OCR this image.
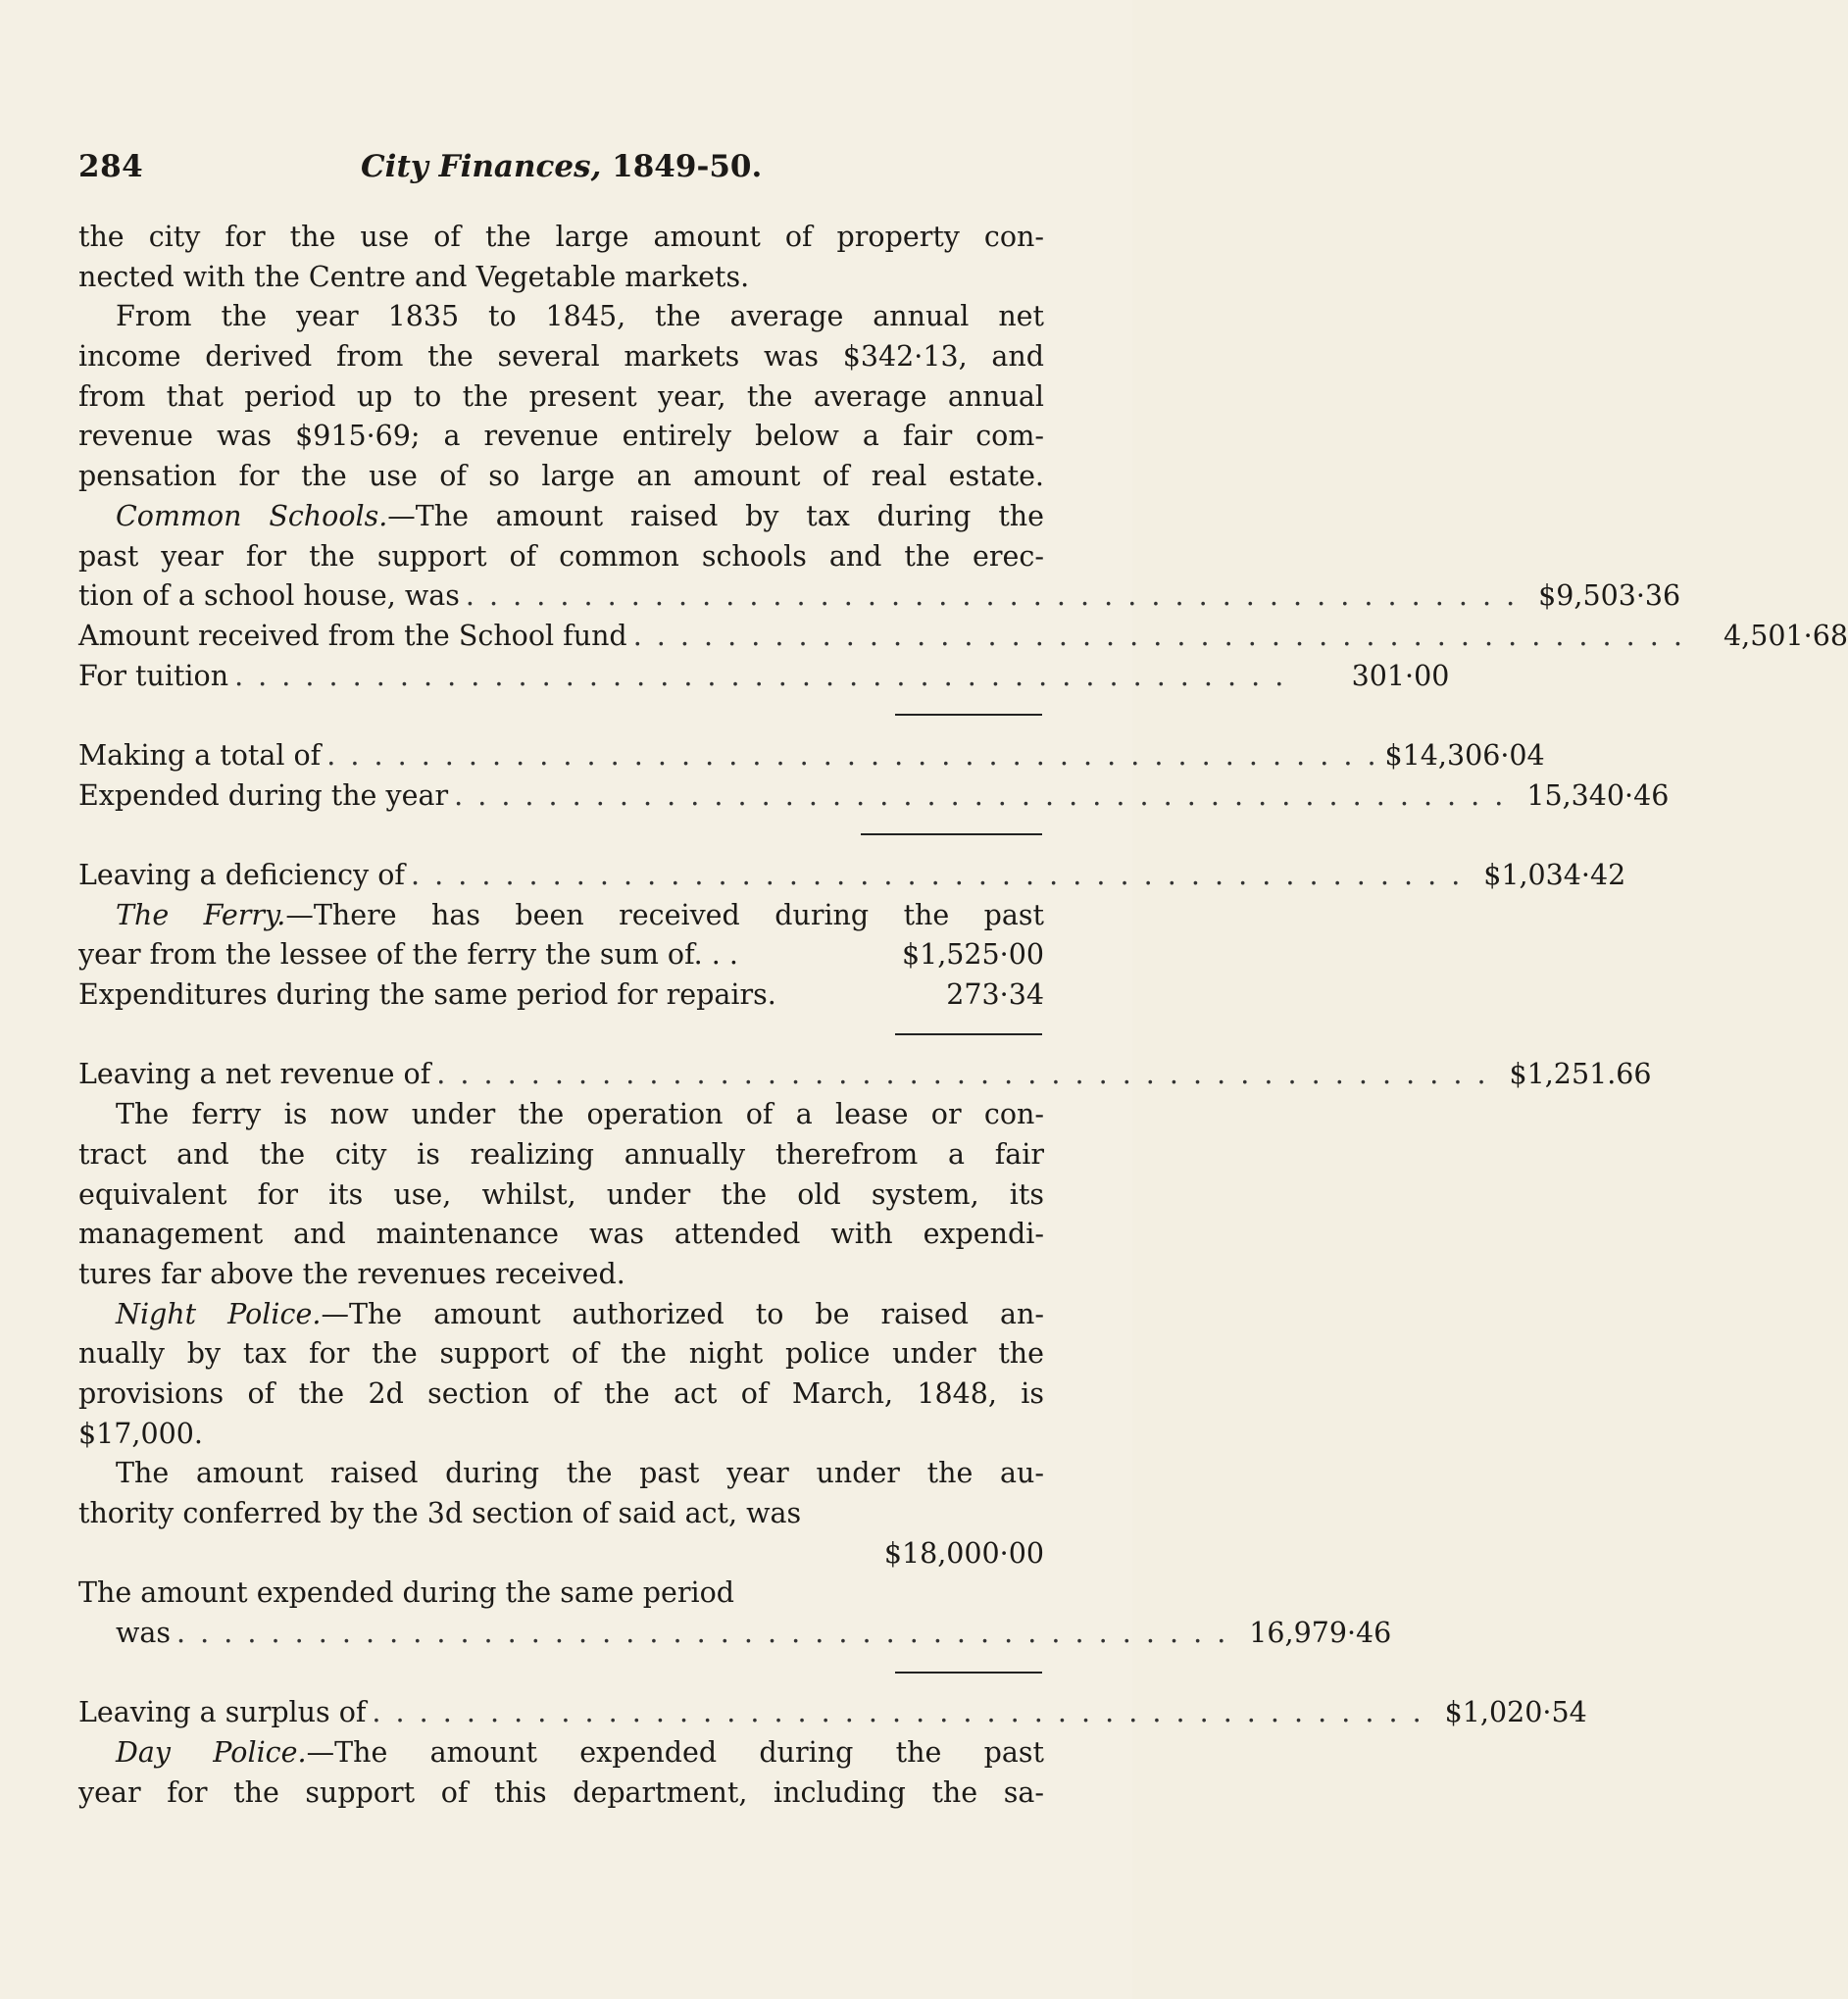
284	City Finances, 1849-50.
the city for the use of the large amount of property con-
nected with the Centre and Vegetable markets.
From the year 1835 to 1845, the average annual net
income derived from the several markets was $342·13, and
from that period up to the present year, the average annual
revenue was $915·69; a revenue entirely below a fair com-
pensation for the use of so large an amount of real estate.
Common Schools.—The amount raised by tax during the
past year for the support of common schools and the erec-
tion of a school house, was . . . . . . . . . . . . . . . . . . . . . . . . . . . . . . . . . . . . . . . . . . . . . $9,503·36
Amount received from the School fund . . . . . . . . . . . . . . . . . . . . . . . . . . . . . . . . . . . . . . . . . . . . .	4,501·68
For tuition . . . . . . . . . . . . . . . . . . . . . . . . . . . . . . . . . . . . . . . . . . . . .	301·00
Making a total of . . . . . . . . . . . . . . . . . . . . . . . . . . . . . . . . . . . . . . . . . . . . . $14,306·04
Expended during the year . . . . . . . . . . . . . . . . . . . . . . . . . . . . . . . . . . . . . . . . . . . . . 15,340·46
Leaving a deficiency of . . . . . . . . . . . . . . . . . . . . . . . . . . . . . . . . . . . . . . . . . . . . . $1,034·42
The Ferry.—There has been received during the past
year from the lessee of the ferry the sum of. . .	$1,525·00
Expenditures during the same period for repairs.	273·34
Leaving a net revenue of . . . . . . . . . . . . . . . . . . . . . . . . . . . . . . . . . . . . . . . . . . . . . $1,251.66
The ferry is now under the operation of a lease or con-
tract and the city is realizing annually therefrom a fair
equivalent for its use, whilst, under the old system, its
management and maintenance was attended with expendi-
tures far above the revenues received.
Night Police.—The amount authorized to be raised an-
nually by tax for the support of the night police under the
provisions of the 2d section of the act of March, 1848, is
$17,000.
The amount raised during the past year under the au-
thority conferred by the 3d section of said act, was
$18,000·00
The amount expended during the same period
was . . . . . . . . . . . . . . . . . . . . . . . . . . . . . . . . . . . . . . . . . . . . . 16,979·46
Leaving a surplus of . . . . . . . . . . . . . . . . . . . . . . . . . . . . . . . . . . . . . . . . . . . . . $1,020·54
Day Police.—The amount expended during the past
year for the support of this department, including the sa-
